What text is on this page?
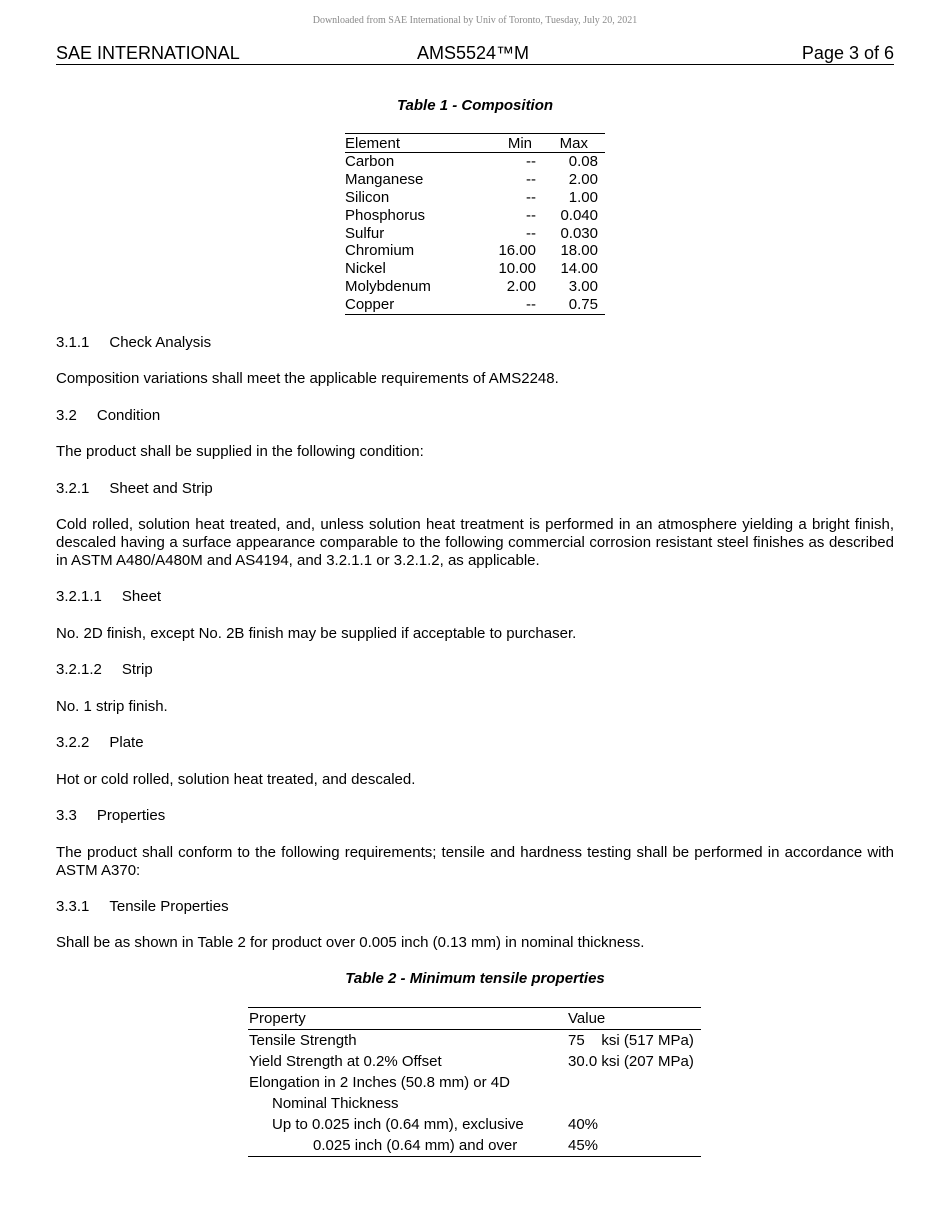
Downloaded from SAE International by Univ of Toronto, Tuesday, July 20, 2021
SAE INTERNATIONAL	AMS5524™M	Page 3 of 6
Table 1 - Composition
Element	Min Max
Carbon	-- 0.08
Manganese	-- 2.00
Silicon	-- 1.00
Phosphorus	-- 0.040
Sulfur	-- 0.030
Chromium	16.00 18.00
Nickel	10.00 14.00
Molybdenum	2.00 3.00
Copper	-- 0.75
3.1.1 Check Analysis
Composition variations shall meet the applicable requirements of AMS2248.
3.2 Condition
The product shall be supplied in the following condition:
3.2.1 Sheet and Strip
Cold rolled, solution heat treated, and, unless solution heat treatment is performed in an atmosphere yielding a bright finish, descaled having a surface appearance comparable to the following commercial corrosion resistant steel finishes as described in ASTM A480/A480M and AS4194, and 3.2.1.1 or 3.2.1.2, as applicable.
3.2.1.1 Sheet
No. 2D finish, except No. 2B finish may be supplied if acceptable to purchaser.
3.2.1.2 Strip
No. 1 strip finish.
3.2.2 Plate
Hot or cold rolled, solution heat treated, and descaled.
3.3 Properties
The product shall conform to the following requirements; tensile and hardness testing shall be performed in accordance with ASTM A370:
3.3.1 Tensile Properties
Shall be as shown in Table 2 for product over 0.005 inch (0.13 mm) in nominal thickness.
Table 2 - Minimum tensile properties
Property	Value
Tensile Strength	75    ksi (517 MPa)
Yield Strength at 0.2% Offset	30.0 ksi (207 MPa)
Elongation in 2 Inches (50.8 mm) or 4D
Nominal Thickness
Up to 0.025 inch (0.64 mm), exclusive	40%
0.025 inch (0.64 mm) and over	45%
